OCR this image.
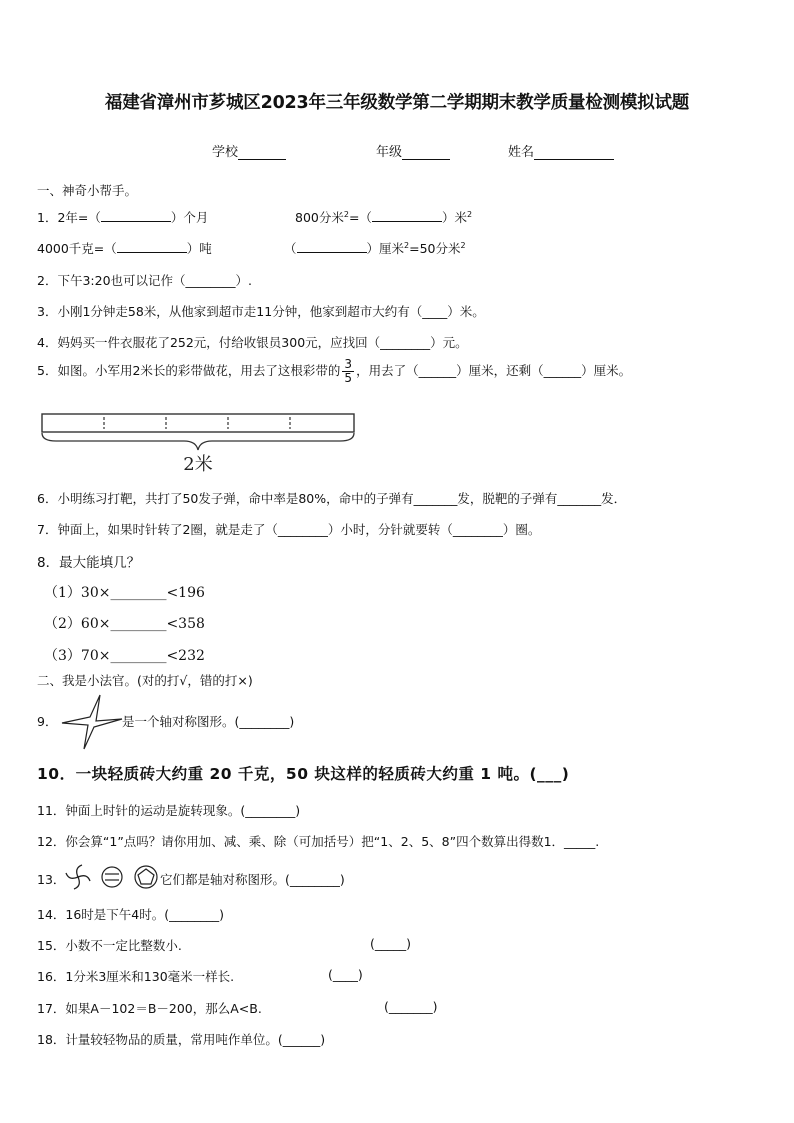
福建省漳州市芗城区2023年三年级数学第二学期期末教学质量检测模拟试题
学校	年级	姓名
一、神奇小帮手。
1．2年=（	）个月	800分米$^2$=（	）米$^2$
4000千克=（	）吨	（	）厘米$^2$=50分米$^2$
2．下午3:20也可以记作（________）.
3．小刚1分钟走58米，从他家到超市走11分钟，他家到超市大约有（____）米。
4．妈妈买一件衣服花了252元，付给收银员300元，应找回（________）元。
5．如图。小军用2米长的彩带做花，用去了这根彩带的 $\frac{3}{5}$ ，用去了（______）厘米，还剩（______）厘米。
2米
6．小明练习打靶，共打了50发子弹，命中率是80%，命中的子弹有_______发，脱靶的子弹有_______发．
7．钟面上，如果时针转了2圈，就是走了（________）小时，分针就要转（________）圈。
8．最大能填几？
（1）30×________<196
（2）60×________<358
（3）70×________<232
二、我是小法官。(对的打√，错的打×)
9．	是一个轴对称图形。(________)
10．一块轻质砖大约重 20 千克，50 块这样的轻质砖大约重 1 吨。(___)
11．钟面上时针的运动是旋转现象。(________)
12．你会算“1”点吗？请你用加、减、乘、除（可加括号）把“1、2、5、8”四个数算出得数1．_____.
13．	它们都是轴对称图形。(________)
14．16时是下午4时。(________)
15．小数不一定比整数小.	(_____)
16．1分米3厘米和130毫米一样长.	(____)
17．如果A－102＝B－200，那么A<B.	(_______)
18．计量较轻物品的质量，常用吨作单位。(______)
